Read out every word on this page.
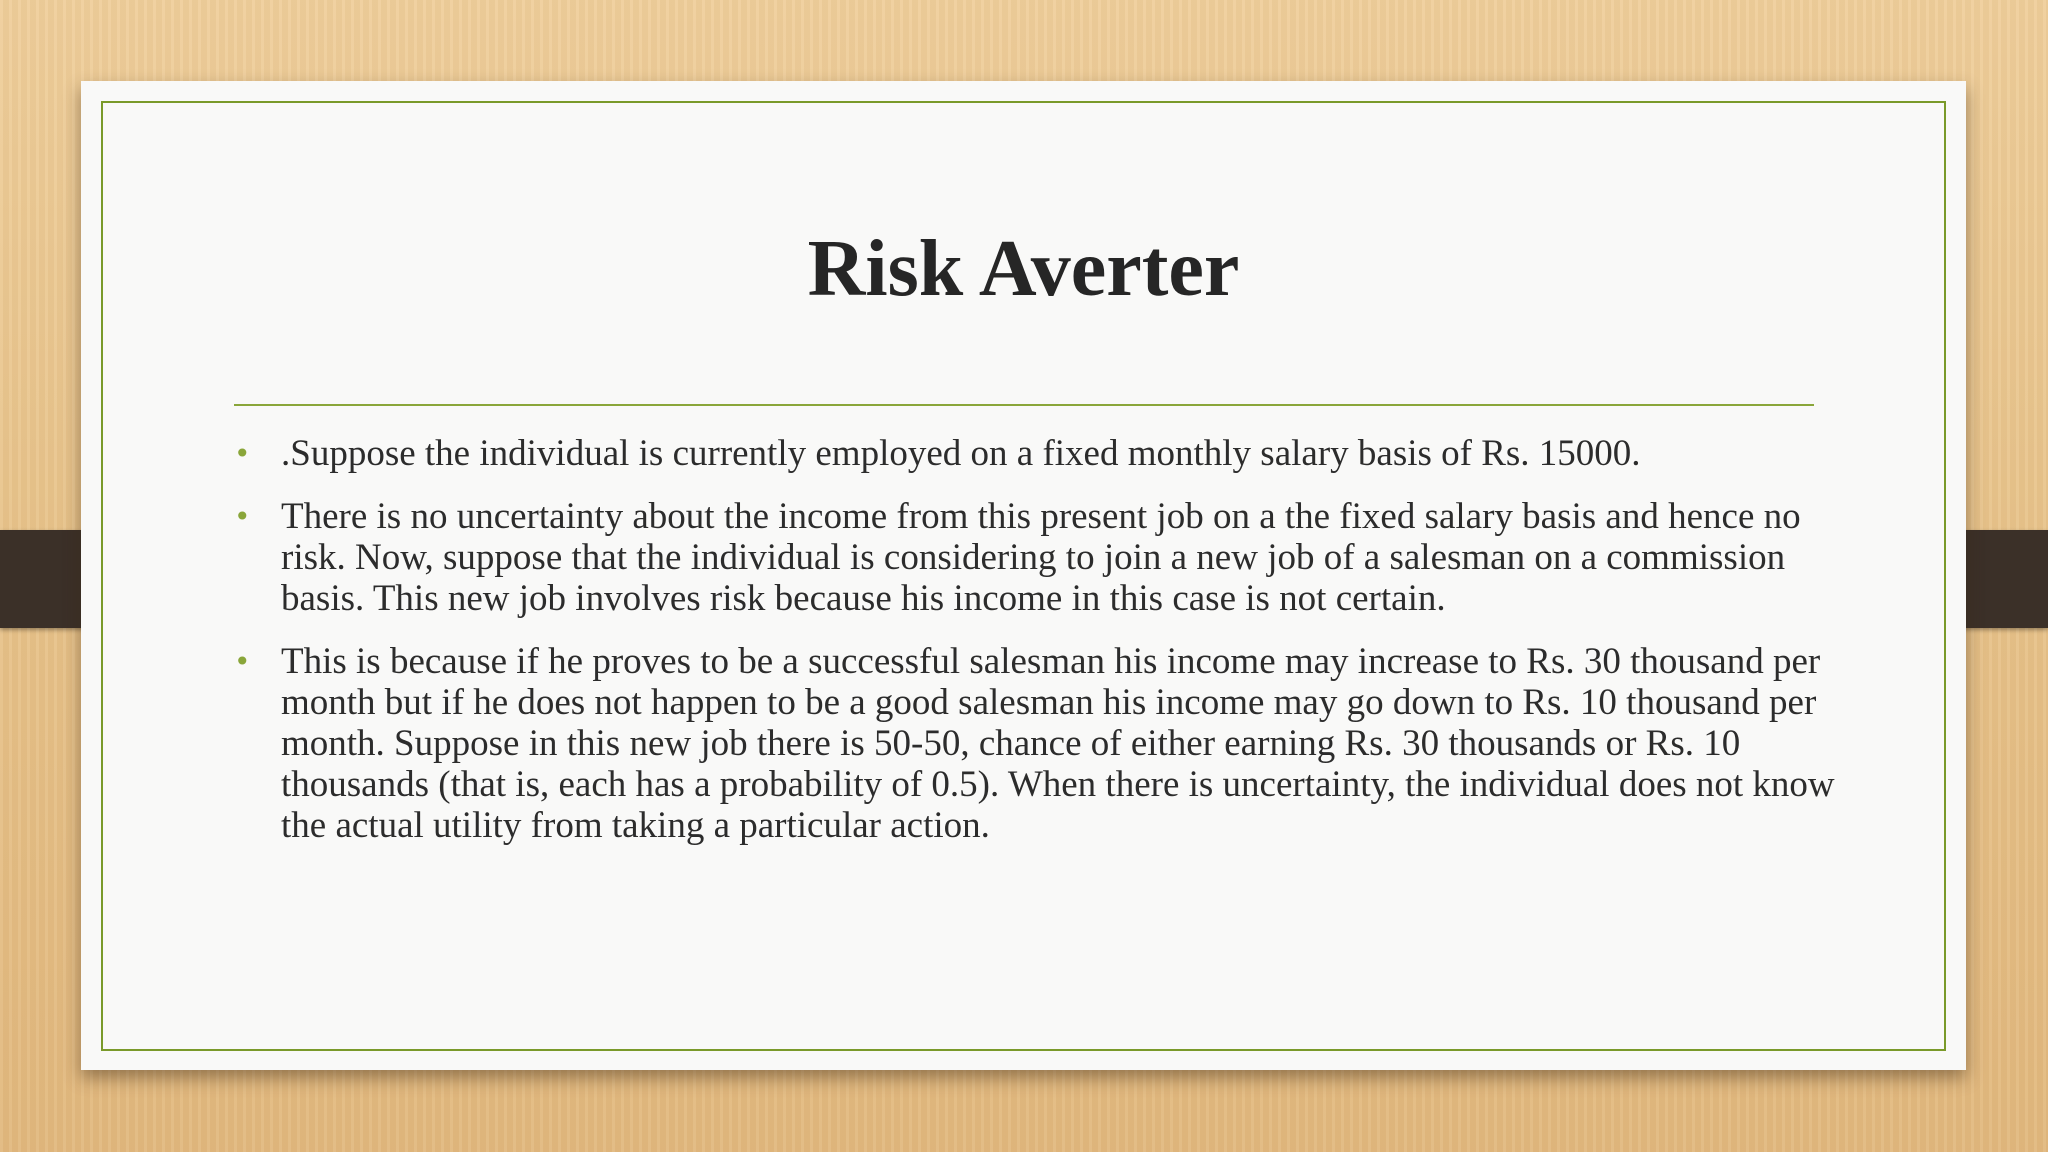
Risk Averter
• .Suppose the individual is currently employed on a fixed monthly salary basis of Rs. 15000.
• There is no uncertainty about the income from this present job on a the fixed salary basis and hence no risk. Now, suppose that the individual is considering to join a new job of a salesman on a commission basis. This new job involves risk because his income in this case is not certain.
• This is because if he proves to be a successful salesman his income may increase to Rs. 30 thousand per month but if he does not happen to be a good salesman his income may go down to Rs. 10 thousand per month. Suppose in this new job there is 50-50, chance of either earning Rs. 30 thousands or Rs. 10 thousands (that is, each has a probability of 0.5). When there is uncertainty, the individual does not know the actual utility from taking a particular action.
